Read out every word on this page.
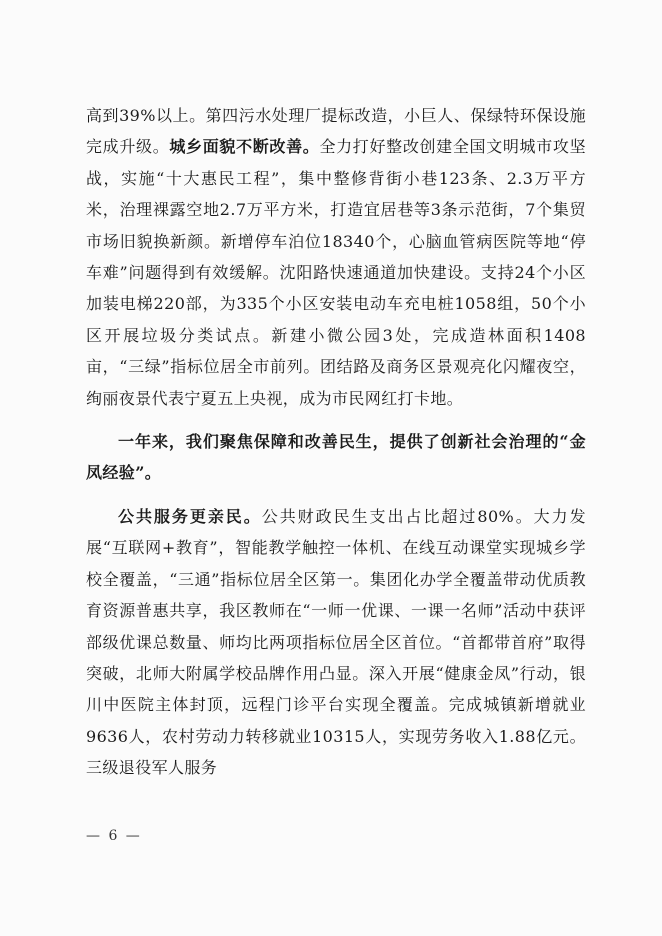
高到39%以上。第四污水处理厂提标改造，小巨人、保绿特环保设施完成升级。城乡面貌不断改善。全力打好整改创建全国文明城市攻坚战，实施“十大惠民工程”，集中整修背街小巷123条、2.3万平方米，治理裸露空地2.7万平方米，打造宜居巷等3条示范街，7个集贸市场旧貌换新颜。新增停车泊位18340个，心脑血管病医院等地“停车难”问题得到有效缓解。沈阳路快速通道加快建设。支持24个小区加装电梯220部，为335个小区安装电动车充电桩1058组，50个小区开展垃圾分类试点。新建小微公园3处，完成造林面积1408亩，“三绿”指标位居全市前列。团结路及商务区景观亮化闪耀夜空，绚丽夜景代表宁夏五上央视，成为市民网红打卡地。

一年来，我们聚焦保障和改善民生，提供了创新社会治理的“金凤经验”。

公共服务更亲民。公共财政民生支出占比超过80%。大力发展“互联网+教育”，智能教学触控一体机、在线互动课堂实现城乡学校全覆盖，“三通”指标位居全区第一。集团化办学全覆盖带动优质教育资源普惠共享，我区教师在“一师一优课、一课一名师”活动中获评部级优课总数量、师均比两项指标位居全区首位。“首都带首府”取得突破，北师大附属学校品牌作用凸显。深入开展“健康金凤”行动，银川中医院主体封顶，远程门诊平台实现全覆盖。完成城镇新增就业9636人，农村劳动力转移就业10315人，实现劳务收入1.88亿元。三级退役军人服务

— 6 —
